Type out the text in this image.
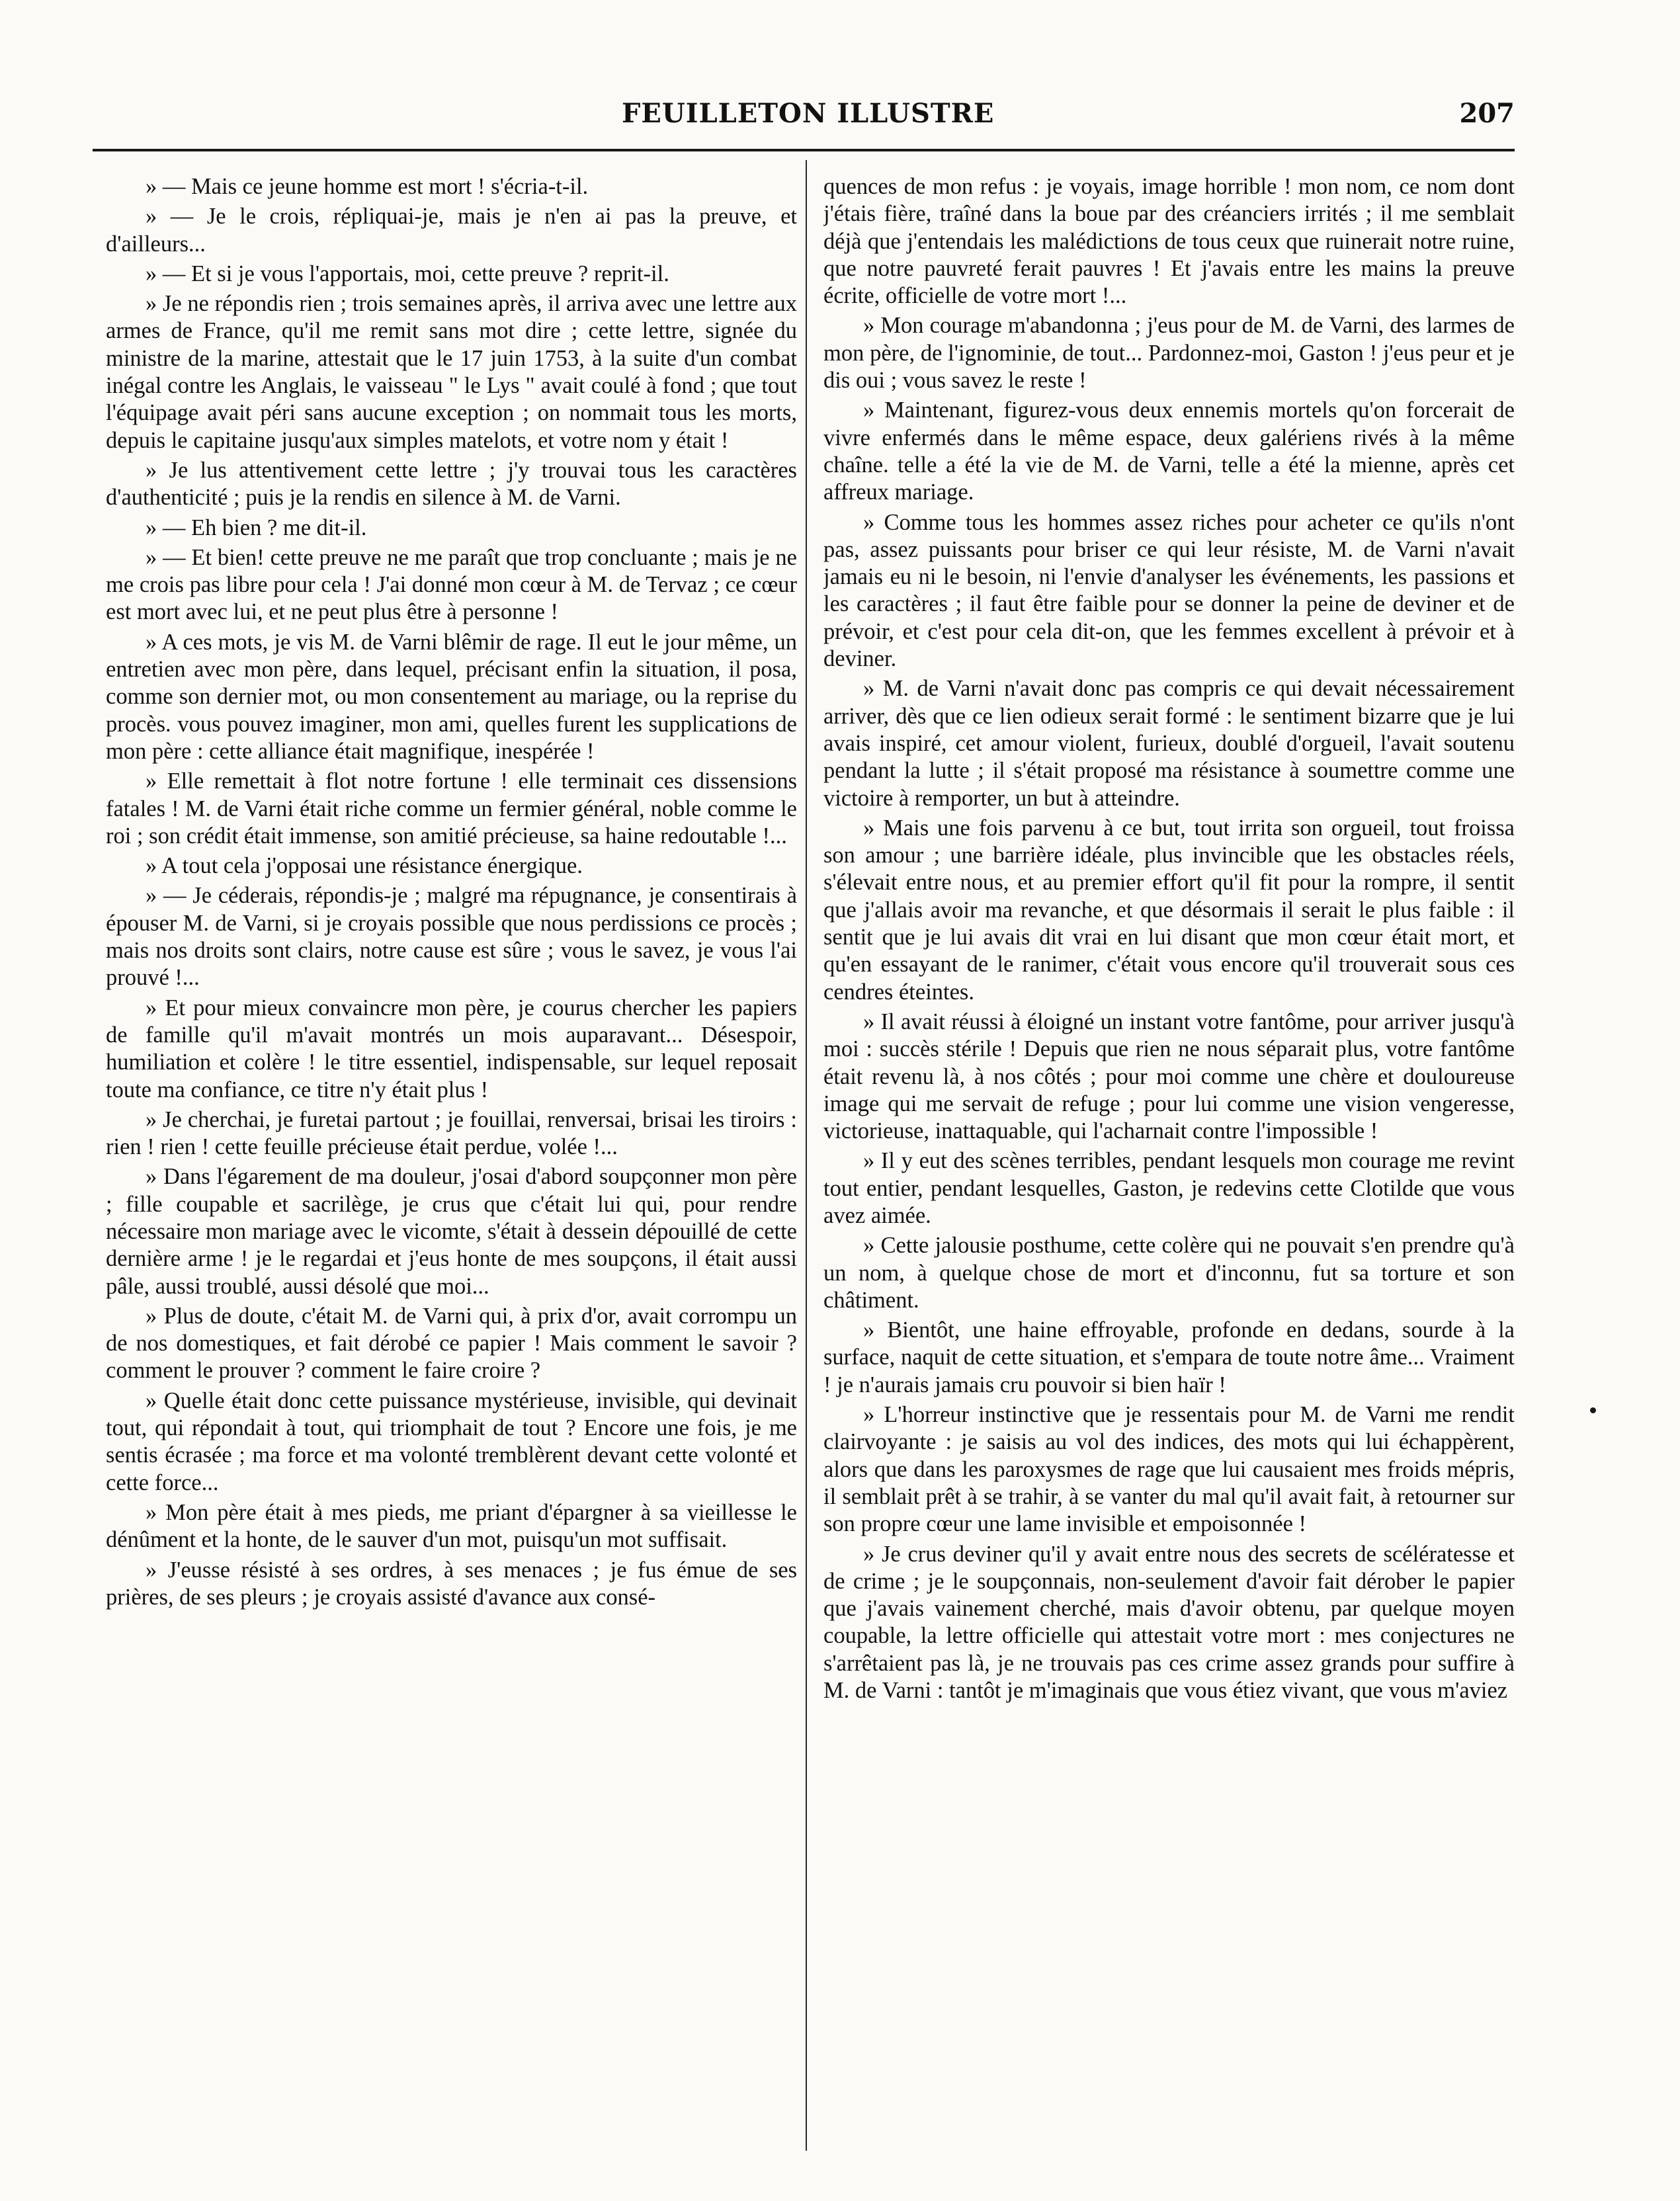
FEUILLETON ILLUSTRE	207

» — Mais ce jeune homme est mort ! s'écria-t-il.

» — Je le crois, répliquai-je, mais je n'en ai pas la preuve, et d'ailleurs...

» — Et si je vous l'apportais, moi, cette preuve ? reprit-il.

» Je ne répondis rien ; trois semaines après, il arriva avec une lettre aux armes de France, qu'il me remit sans mot dire ; cette lettre, signée du ministre de la marine, attestait que le 17 juin 1753, à la suite d'un combat inégal contre les Anglais, le vaisseau " le Lys " avait coulé à fond ; que tout l'équipage avait péri sans aucune exception ; on nommait tous les morts, depuis le capitaine jusqu'aux simples matelots, et votre nom y était !

» Je lus attentivement cette lettre ; j'y trouvai tous les caractères d'authenticité ; puis je la rendis en silence à M. de Varni.

» — Eh bien ? me dit-il.

» — Et bien! cette preuve ne me paraît que trop concluante ; mais je ne me crois pas libre pour cela ! J'ai donné mon cœur à M. de Tervaz ; ce cœur est mort avec lui, et ne peut plus être à personne !

» A ces mots, je vis M. de Varni blêmir de rage. Il eut le jour même, un entretien avec mon père, dans lequel, précisant enfin la situation, il posa, comme son dernier mot, ou mon consentement au mariage, ou la reprise du procès. vous pouvez imaginer, mon ami, quelles furent les supplications de mon père : cette alliance était magnifique, inespérée !

» Elle remettait à flot notre fortune ! elle terminait ces dissensions fatales ! M. de Varni était riche comme un fermier général, noble comme le roi ; son crédit était immense, son amitié précieuse, sa haine redoutable !...

» A tout cela j'opposai une résistance énergique.

» — Je céderais, répondis-je ; malgré ma répugnance, je consentirais à épouser M. de Varni, si je croyais possible que nous perdissions ce procès ; mais nos droits sont clairs, notre cause est sûre ; vous le savez, je vous l'ai prouvé !...

» Et pour mieux convaincre mon père, je courus chercher les papiers de famille qu'il m'avait montrés un mois auparavant... Désespoir, humiliation et colère ! le titre essentiel, indispensable, sur lequel reposait toute ma confiance, ce titre n'y était plus !

» Je cherchai, je furetai partout ; je fouillai, renversai, brisai les tiroirs : rien ! rien ! cette feuille précieuse était perdue, volée !...

» Dans l'égarement de ma douleur, j'osai d'abord soupçonner mon père ; fille coupable et sacrilège, je crus que c'était lui qui, pour rendre nécessaire mon mariage avec le vicomte, s'était à dessein dépouillé de cette dernière arme ! je le regardai et j'eus honte de mes soupçons, il était aussi pâle, aussi troublé, aussi désolé que moi...

» Plus de doute, c'était M. de Varni qui, à prix d'or, avait corrompu un de nos domestiques, et fait dérobé ce papier ! Mais comment le savoir ? comment le prouver ? comment le faire croire ?

» Quelle était donc cette puissance mystérieuse, invisible, qui devinait tout, qui répondait à tout, qui triomphait de tout ? Encore une fois, je me sentis écrasée ; ma force et ma volonté tremblèrent devant cette volonté et cette force...

» Mon père était à mes pieds, me priant d'épargner à sa vieillesse le dénûment et la honte, de le sauver d'un mot, puisqu'un mot suffisait.

» J'eusse résisté à ses ordres, à ses menaces ; je fus émue de ses prières, de ses pleurs ; je croyais assisté d'avance aux consé-

quences de mon refus : je voyais, image horrible ! mon nom, ce nom dont j'étais fière, traîné dans la boue par des créanciers irrités ; il me semblait déjà que j'entendais les malédictions de tous ceux que ruinerait notre ruine, que notre pauvreté ferait pauvres ! Et j'avais entre les mains la preuve écrite, officielle de votre mort !...

» Mon courage m'abandonna ; j'eus pour de M. de Varni, des larmes de mon père, de l'ignominie, de tout... Pardonnez-moi, Gaston ! j'eus peur et je dis oui ; vous savez le reste !

» Maintenant, figurez-vous deux ennemis mortels qu'on forcerait de vivre enfermés dans le même espace, deux galériens rivés à la même chaîne. telle a été la vie de M. de Varni, telle a été la mienne, après cet affreux mariage.

» Comme tous les hommes assez riches pour acheter ce qu'ils n'ont pas, assez puissants pour briser ce qui leur résiste, M. de Varni n'avait jamais eu ni le besoin, ni l'envie d'analyser les événements, les passions et les caractères ; il faut être faible pour se donner la peine de deviner et de prévoir, et c'est pour cela dit-on, que les femmes excellent à prévoir et à deviner.

» M. de Varni n'avait donc pas compris ce qui devait nécessairement arriver, dès que ce lien odieux serait formé : le sentiment bizarre que je lui avais inspiré, cet amour violent, furieux, doublé d'orgueil, l'avait soutenu pendant la lutte ; il s'était proposé ma résistance à soumettre comme une victoire à remporter, un but à atteindre.

» Mais une fois parvenu à ce but, tout irrita son orgueil, tout froissa son amour ; une barrière idéale, plus invincible que les obstacles réels, s'élevait entre nous, et au premier effort qu'il fit pour la rompre, il sentit que j'allais avoir ma revanche, et que désormais il serait le plus faible : il sentit que je lui avais dit vrai en lui disant que mon cœur était mort, et qu'en essayant de le ranimer, c'était vous encore qu'il trouverait sous ces cendres éteintes.

» Il avait réussi à éloigné un instant votre fantôme, pour arriver jusqu'à moi : succès stérile ! Depuis que rien ne nous séparait plus, votre fantôme était revenu là, à nos côtés ; pour moi comme une chère et douloureuse image qui me servait de refuge ; pour lui comme une vision vengeresse, victorieuse, inattaquable, qui l'acharnait contre l'impossible !

» Il y eut des scènes terribles, pendant lesquels mon courage me revint tout entier, pendant lesquelles, Gaston, je redevins cette Clotilde que vous avez aimée.

» Cette jalousie posthume, cette colère qui ne pouvait s'en prendre qu'à un nom, à quelque chose de mort et d'inconnu, fut sa torture et son châtiment.

» Bientôt, une haine effroyable, profonde en dedans, sourde à la surface, naquit de cette situation, et s'empara de toute notre âme... Vraiment ! je n'aurais jamais cru pouvoir si bien haïr !

» L'horreur instinctive que je ressentais pour M. de Varni me rendit clairvoyante : je saisis au vol des indices, des mots qui lui échappèrent, alors que dans les paroxysmes de rage que lui causaient mes froids mépris, il semblait prêt à se trahir, à se vanter du mal qu'il avait fait, à retourner sur son propre cœur une lame invisible et empoisonnée !

» Je crus deviner qu'il y avait entre nous des secrets de scélératesse et de crime ; je le soupçonnais, non-seulement d'avoir fait dérober le papier que j'avais vainement cherché, mais d'avoir obtenu, par quelque moyen coupable, la lettre officielle qui attestait votre mort : mes conjectures ne s'arrêtaient pas là, je ne trouvais pas ces crime assez grands pour suffire à M. de Varni : tantôt je m'imaginais que vous étiez vivant, que vous m'aviez
